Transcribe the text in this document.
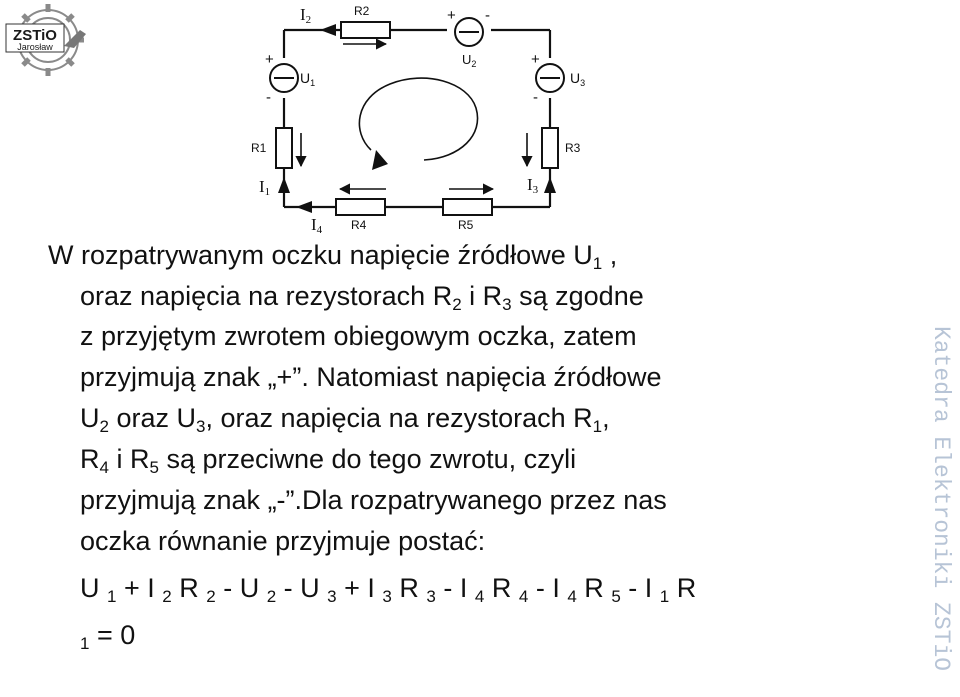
ZSTiO
Jarosław
I2
R2	+ -
$U_2$
+
-
$U_1$
+
-
$U_3$
R1	R3
I1	I3
I4 R4	R5
W rozpatrywanym oczku napięcie źródłowe $U_1$ ,
oraz napięcia na rezystorach $R_2$ i $R_3$ są zgodne
z przyjętym zwrotem obiegowym oczka, zatem
przyjmują znak „+”. Natomiast napięcia źródłowe
$U_2$ oraz $U_3$, oraz napięcia na rezystorach $R_1$,
$R_4$ i $R_5$ są przeciwne do tego zwrotu, czyli
przyjmują znak „-”.Dla rozpatrywanego przez nas
oczka równanie przyjmuje postać:
U $_1$ + I $_2$ R $_2$ - U $_2$ - U $_3$ + I $_3$ R $_3$ - I $_4$ R $_4$ - I $_4$ R $_5$ - I $_1$ R
$_1$ = 0	Katedra Elektroniki ZSTiO
